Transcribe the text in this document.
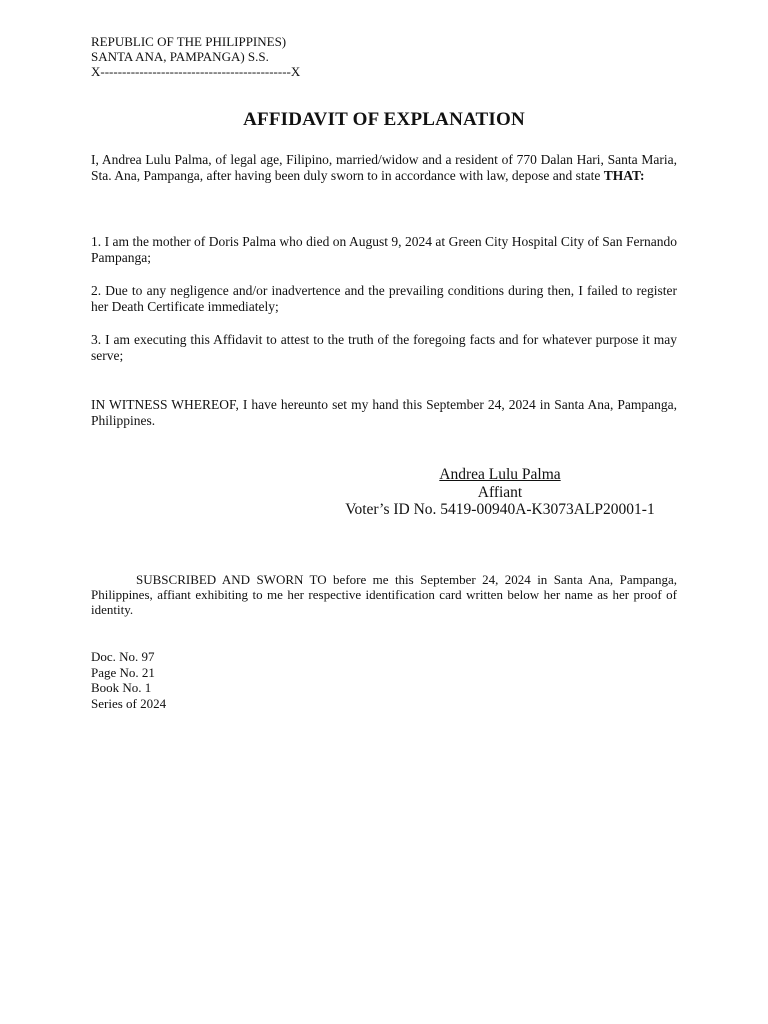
REPUBLIC OF THE PHILIPPINES)
SANTA ANA, PAMPANGA) S.S.
X--------------------------------------------X
AFFIDAVIT OF EXPLANATION
I, Andrea Lulu Palma, of legal age, Filipino, married/widow and a resident of 770 Dalan Hari, Santa Maria, Sta. Ana, Pampanga, after having been duly sworn to in accordance with law, depose and state THAT:
1. I am the mother of Doris Palma who died on August 9, 2024 at Green City Hospital City of San Fernando Pampanga;
2. Due to any negligence and/or inadvertence and the prevailing conditions during then, I failed to register her Death Certificate immediately;
3. I am executing this Affidavit to attest to the truth of the foregoing facts and for whatever purpose it may serve;
IN WITNESS WHEREOF, I have hereunto set my hand this September 24, 2024 in Santa Ana, Pampanga, Philippines.
Andrea Lulu Palma
Affiant
Voter’s ID No. 5419-00940A-K3073ALP20001-1
SUBSCRIBED AND SWORN TO before me this September 24, 2024 in Santa Ana, Pampanga, Philippines, affiant exhibiting to me her respective identification card written below her name as her proof of identity.
Doc. No. 97
Page No. 21
Book No. 1
Series of 2024
